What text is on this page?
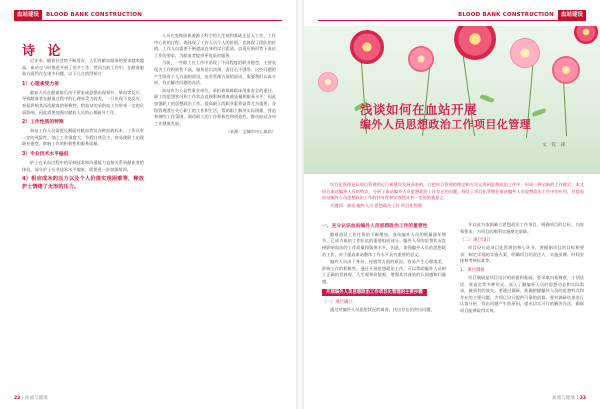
血站建设 BLOOD BANK CONSTRUCTION
诗 论

近年来，随着社会的不断进步，人们对献血服务的要求越来越高，血站也与时俱进开展了很多工作。然而当前工作中，在献血服务方面仍存在诸多问题，以下几点值得探讨：

1）心理承受力差

献血人员在献血前后由于紧张或恐惧出现晕针、晕血等反应，导致献血者在献血过程中的心理承受力较差，一旦出现不良反应，容易影响其再次献血的积极性，给血站的采供血工作带来一定的负面影响，因此需要加强对献血人员的心理疏导工作。

2）工作性质的特殊

血站工作人员需要长期面对献血者及各种血液标本，工作具有一定的风险性，加之工作强度大、节假日休息少，容易使职工出现职业倦怠，影响工作的积极性和服务质量。

3）专业技术水平偏低

护士在采血过程中的穿刺技术和沟通能力直接关系到献血者的体验，部分护士专业技术水平偏低，需要进一步加强培训。

4）相应成本的压力以及个人价值实现困难等，释放护士情绪了无形的压力。

人员在变换原血液源于科学的人生观和基础正征入工作，工作中心价的过程，既体现了工作人员个人的价值，也体现了团队的价值。工作人员需要不断提高自身的综合素质，以适应新形势下血站工作的要求，为献血者提供更优质的服务。

当前，一些职工在工作中出现了不同程度的职业倦怠，主要表现为工作积极性不高、服务意识淡薄、责任心不强等。这些问题的产生既有个人方面的原因，也有管理方面的原因，需要我们认真分析，找出解决问题的办法。

血站作为公益性事业单位，承担着保障临床用血安全的重任。职工的思想状况和工作状态直接影响着血液质量和服务水平，因此加强职工的思想政治工作，提高职工的职业素养显得尤为重要。各级管理者应关心职工的工作和生活，帮助职工解决实际困难，营造和谐的工作氛围，调动职工的工作积极性和创造性，推动血站各项工作健康发展。

（来源：宝城市中心血站）
22 | 血液与健康
BLOOD BANK CONSTRUCTION 血站建设
浅谈如何在血站开展
编外人员思想政治工作项目化管理
文 钦 锋

项目化管理是从项目管理的运行和建设发展而来的，它把项目管理的理念和方法运用到思想政治工作中，形成一种全新的工作模式。本文结合血站编外人员的特点，分析了血站编外人员思想政治工作存在的问题，探讨了项目化管理在血站编外人员思想政治工作中的应用，对提高血站编外人员思想政治工作的针对性和实效性具有一定的借鉴意义。

关键词：血站 编外人员 思想政治工作 项目化管理
一、充分认识血站编外人员思想政治工作的重要性

随着血站工作任务的不断增加，血站编外人员的数量逐年增多，已成为血站工作队伍的重要组成部分。编外人员的思想状况直接影响血站的工作质量和服务水平，因此，加强编外人员的思想政治工作，对于提高血站整体工作水平具有重要的意义。

编外人员由于身份、待遇等方面的原因，容易产生心理落差，影响工作的积极性。通过开展思想政治工作，可以帮助编外人员树立正确的世界观、人生观和价值观，增强其对血站的认同感和归属感。

开展编外人员思想政治工作项目化管理的主要步骤
（一）项目确立

通过对编外人员思想状况的调查，找出存在的突出问题，

并以此为依据确立思想政治工作项目，明确项目的目标、内容和要求，为项目的顺利实施奠定基础。

（二）项目设计

项目设计是项目化管理的核心环节，要根据项目的目标和要求，制定详细的实施方案，明确项目的责任人、实施步骤、时间安排和考核标准等。

1．项目调研

项目调研是项目设计的前提和基础，要采取问卷调查、个别谈话、座谈会等多种形式，深入了解编外人员的思想动态和实际需求，做到有的放矢。要通过调研，准确把握编外人员的思想特点和存在的主要问题，为项目设计提供可靠的依据。要对调研结果进行认真分析，找出问题产生的原因，提出切实可行的解决办法，确保项目能够取得实效。

血液与健康 | 23
